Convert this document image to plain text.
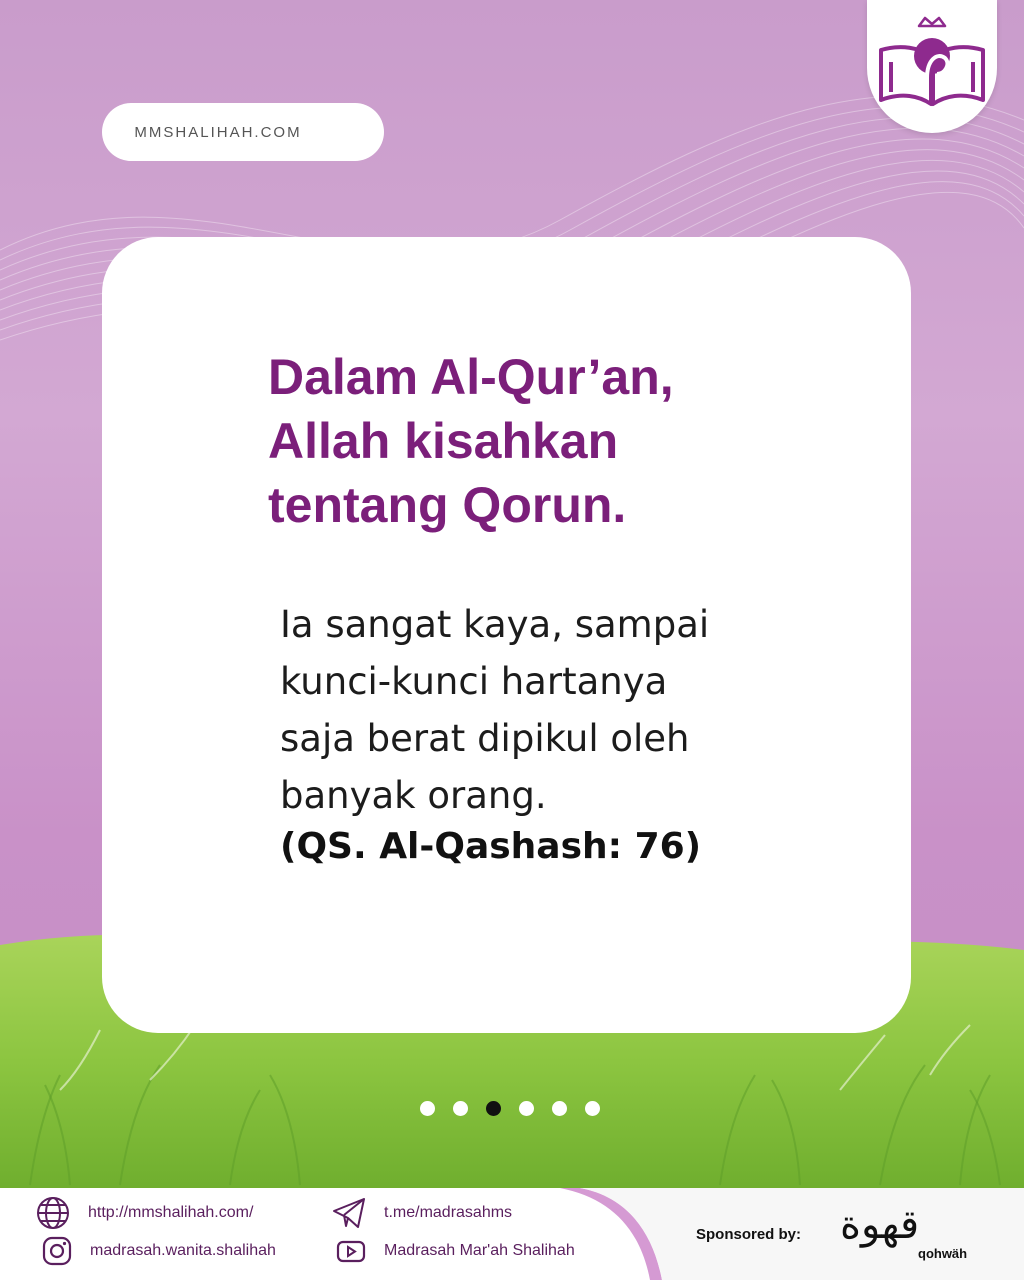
MMSHALIHAH.COM
Dalam Al-Qur’an,
Allah kisahkan
tentang Qorun.

Ia sangat kaya, sampai
kunci-kunci hartanya
saja berat dipikul oleh
banyak orang.

(QS. Al-Qashash: 76)

http://mmshalihah.com/
madrasah.wanita.shalihah
t.me/madrasahms
Madrasah Mar'ah Shalihah
Sponsored by: قهوة
qohwäh
